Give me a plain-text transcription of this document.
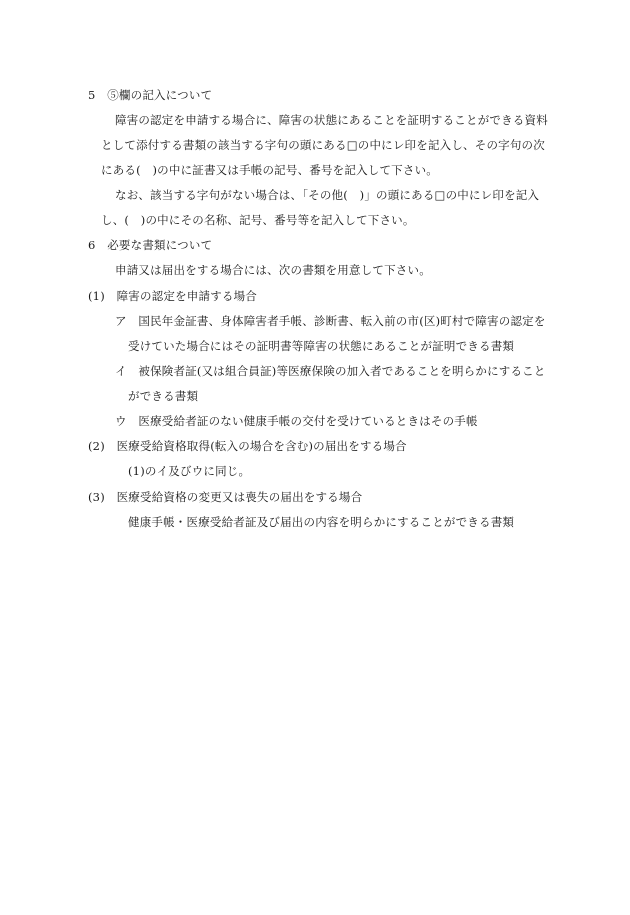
5　⑤欄の記入について
障害の認定を申請する場合に、障害の状態にあることを証明することができる資料
として添付する書類の該当する字句の頭にある□の中にレ印を記入し、その字句の次
にある(　)の中に証書又は手帳の記号、番号を記入して下さい。
なお、該当する字句がない場合は、「その他(　)」の頭にある□の中にレ印を記入
し、(　)の中にその名称、記号、番号等を記入して下さい。
6　必要な書類について
申請又は届出をする場合には、次の書類を用意して下さい。
(1)　障害の認定を申請する場合
ア　国民年金証書、身体障害者手帳、診断書、転入前の市(区)町村で障害の認定を
受けていた場合にはその証明書等障害の状態にあることが証明できる書類
イ　被保険者証(又は組合員証)等医療保険の加入者であることを明らかにすること
ができる書類
ウ　医療受給者証のない健康手帳の交付を受けているときはその手帳
(2)　医療受給資格取得(転入の場合を含む)の届出をする場合
(1)のイ及びウに同じ。
(3)　医療受給資格の変更又は喪失の届出をする場合
健康手帳・医療受給者証及び届出の内容を明らかにすることができる書類
